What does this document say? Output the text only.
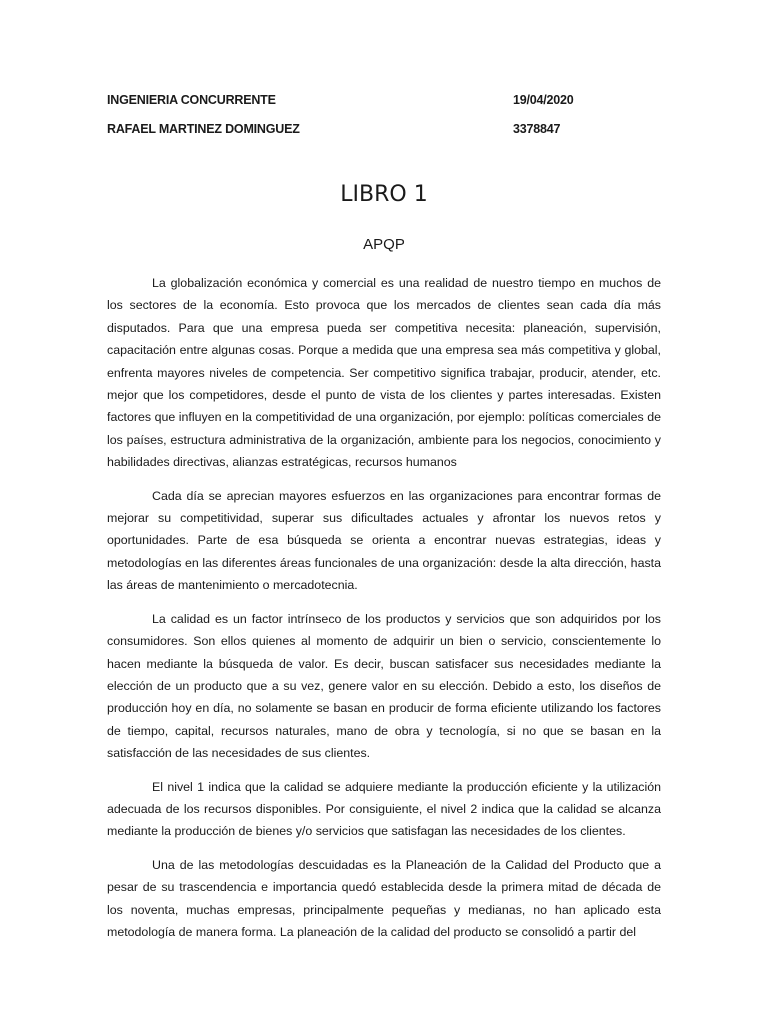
INGENIERIA CONCURRENTE	19/04/2020
RAFAEL MARTINEZ DOMINGUEZ	3378847
LIBRO 1
APQP

La globalización económica y comercial es una realidad de nuestro tiempo en muchos de los sectores de la economía. Esto provoca que los mercados de clientes sean cada día más disputados. Para que una empresa pueda ser competitiva necesita: planeación, supervisión, capacitación entre algunas cosas. Porque a medida que una empresa sea más competitiva y global, enfrenta mayores niveles de competencia. Ser competitivo significa trabajar, producir, atender, etc. mejor que los competidores, desde el punto de vista de los clientes y partes interesadas. Existen factores que influyen en la competitividad de una organización, por ejemplo: políticas comerciales de los países, estructura administrativa de la organización, ambiente para los negocios, conocimiento y habilidades directivas, alianzas estratégicas, recursos humanos

Cada día se aprecian mayores esfuerzos en las organizaciones para encontrar formas de mejorar su competitividad, superar sus dificultades actuales y afrontar los nuevos retos y oportunidades. Parte de esa búsqueda se orienta a encontrar nuevas estrategias, ideas y metodologías en las diferentes áreas funcionales de una organización: desde la alta dirección, hasta las áreas de mantenimiento o mercadotecnia.

La calidad es un factor intrínseco de los productos y servicios que son adquiridos por los consumidores. Son ellos quienes al momento de adquirir un bien o servicio, conscientemente lo hacen mediante la búsqueda de valor. Es decir, buscan satisfacer sus necesidades mediante la elección de un producto que a su vez, genere valor en su elección. Debido a esto, los diseños de producción hoy en día, no solamente se basan en producir de forma eficiente utilizando los factores de tiempo, capital, recursos naturales, mano de obra y tecnología, si no que se basan en la satisfacción de las necesidades de sus clientes.

El nivel 1 indica que la calidad se adquiere mediante la producción eficiente y la utilización adecuada de los recursos disponibles. Por consiguiente, el nivel 2 indica que la calidad se alcanza mediante la producción de bienes y/o servicios que satisfagan las necesidades de los clientes.

Una de las metodologías descuidadas es la Planeación de la Calidad del Producto que a pesar de su trascendencia e importancia quedó establecida desde la primera mitad de década de los noventa, muchas empresas, principalmente pequeñas y medianas, no han aplicado esta metodología de manera forma. La planeación de la calidad del producto se consolidó a partir del
